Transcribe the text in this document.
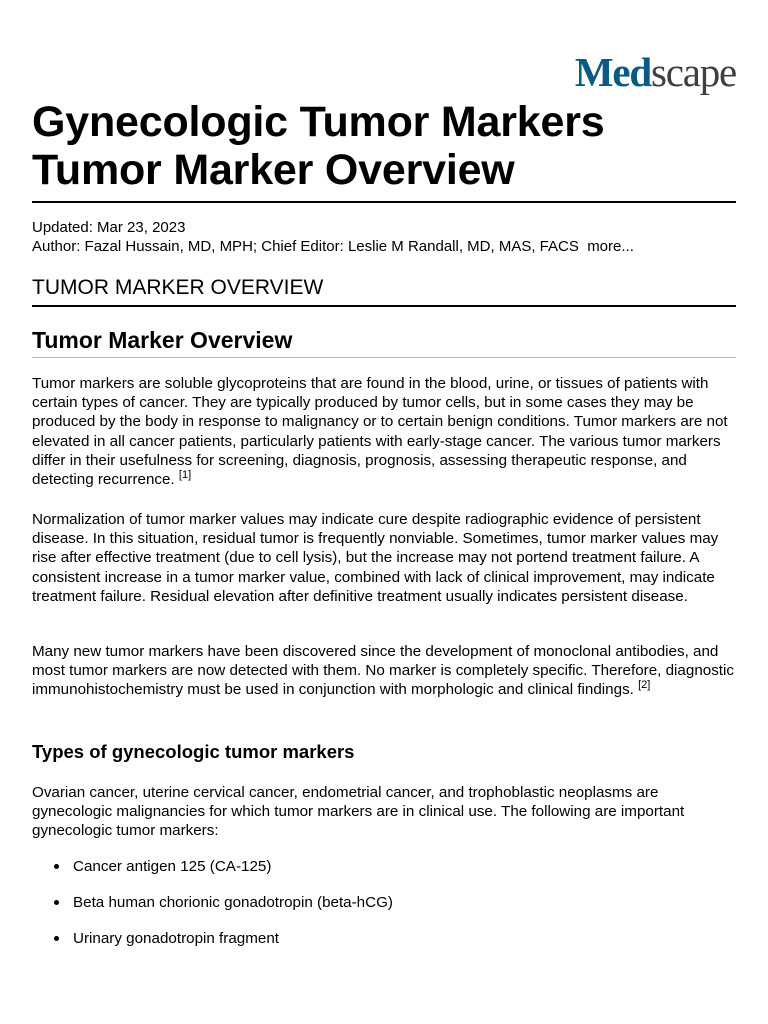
Medscape
Gynecologic Tumor Markers
Tumor Marker Overview
Updated: Mar 23, 2023
Author: Fazal Hussain, MD, MPH; Chief Editor: Leslie M Randall, MD, MAS, FACS more...
TUMOR MARKER OVERVIEW
Tumor Marker Overview

Tumor markers are soluble glycoproteins that are found in the blood, urine, or tissues of patients with certain types of cancer. They are typically produced by tumor cells, but in some cases they may be produced by the body in response to malignancy or to certain benign conditions. Tumor markers are not elevated in all cancer patients, particularly patients with early-stage cancer. The various tumor markers differ in their usefulness for screening, diagnosis, prognosis, assessing therapeutic response, and detecting recurrence. [1]

Normalization of tumor marker values may indicate cure despite radiographic evidence of persistent disease. In this situation, residual tumor is frequently nonviable. Sometimes, tumor marker values may rise after effective treatment (due to cell lysis), but the increase may not portend treatment failure. A consistent increase in a tumor marker value, combined with lack of clinical improvement, may indicate treatment failure. Residual elevation after definitive treatment usually indicates persistent disease.

Many new tumor markers have been discovered since the development of monoclonal antibodies, and most tumor markers are now detected with them. No marker is completely specific. Therefore, diagnostic immunohistochemistry must be used in conjunction with morphologic and clinical findings. [2]

Types of gynecologic tumor markers

Ovarian cancer, uterine cervical cancer, endometrial cancer, and trophoblastic neoplasms are gynecologic malignancies for which tumor markers are in clinical use. The following are important gynecologic tumor markers:

Cancer antigen 125 (CA-125)
Beta human chorionic gonadotropin (beta-hCG)
Urinary gonadotropin fragment
